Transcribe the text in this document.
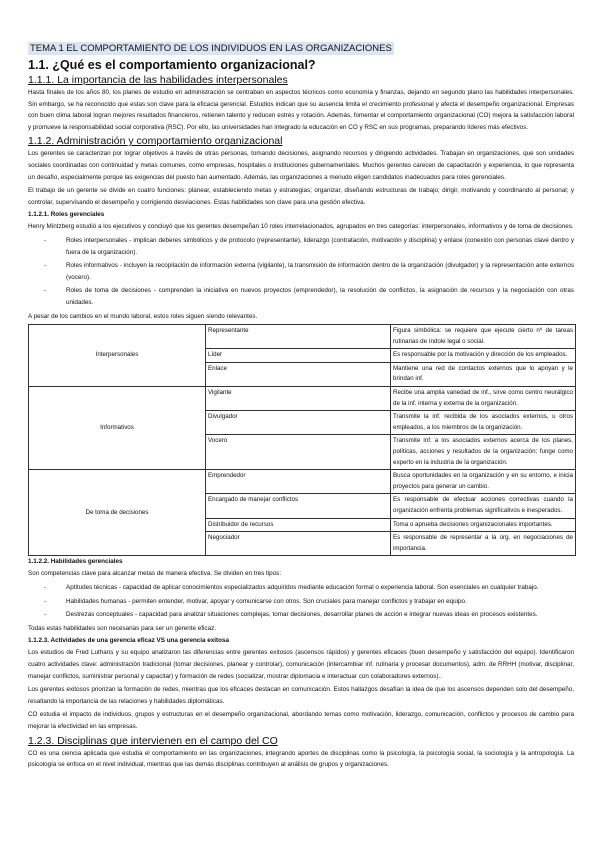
TEMA 1 EL COMPORTAMIENTO DE LOS INDIVIDUOS EN LAS ORGANIZACIONES
1.1. ¿Qué es el comportamiento organizacional?
1.1.1. La importancia de las habilidades interpersonales

Hasta finales de los años 80, los planes de estudio en administración se centraban en aspectos técnicos como economía y finanzas, dejando en segundo plano las habilidades interpersonales. Sin embargo, se ha reconocido que estas son clave para la eficacia gerencial. Estudios indican que su ausencia limita el crecimiento profesional y afecta el desempeño organizacional. Empresas con buen clima laboral logran mejores resultados financieros, retienen talento y reducen estrés y rotación. Además, fomentar el comportamiento organizacional (CO) mejora la satisfacción laboral y promueve la responsabilidad social corporativa (RSC). Por ello, las universidades han integrado la educación en CO y RSC en sus programas, preparando líderes más efectivos.

1.1.2. Administración y comportamiento organizacional

Los gerentes se caracterizan por lograr objetivos a través de otras personas, tomando decisiones, asignando recursos y dirigiendo actividades. Trabajan en organizaciones, que son unidades sociales coordinadas con continuidad y metas comunes, como empresas, hospitales o instituciones gubernamentales. Muchos gerentes carecen de capacitación y experiencia, lo que representa un desafío, especialmente porque las exigencias del puesto han aumentado. Además, las organizaciones a menudo eligen candidatos inadecuados para roles gerenciales.

El trabajo de un gerente se divide en cuatro funciones: planear, estableciendo metas y estrategias; organizar, diseñando estructuras de trabajo; dirigir, motivando y coordinando al personal; y controlar, supervisando el desempeño y corrigiendo desviaciones. Estas habilidades son clave para una gestión efectiva.

1.1.2.1. Roles gerenciales

Henry Mintzberg estudió a los ejecutivos y concluyó que los gerentes desempeñan 10 roles interrelacionados, agrupados en tres categorías: interpersonales, informativos y de toma de decisiones.

- Roles interpersonales - implican deberes simbólicos y de protocolo (representante), liderazgo (contratación, motivación y disciplina) y enlace (conexión con personas clave dentro y fuera de la organización).
- Roles informativos - incluyen la recopilación de información externa (vigilante), la transmisión de información dentro de la organización (divulgador) y la representación ante externos (vocero).
- Roles de toma de decisiones - comprenden la iniciativa en nuevos proyectos (emprendedor), la resolución de conflictos, la asignación de recursos y la negociación con otras unidades.

A pesar de los cambios en el mundo laboral, estos roles siguen siendo relevantes.

Interpersonales	Representante	Figura simbólica: se requiere que ejecute cierto nº de tareas rutinarias de índole legal o social.
	Líder	Es responsable por la motivación y dirección de los empleados.
	Enlace	Mantiene una red de contactos externos que lo apoyan y le brindan inf.
Informativos	Vigilante	Recibe una amplia variedad de inf., sirve como centro neurálgico de la inf. interna y externa de la organización.
	Divulgador	Transmite la inf. recibida de los asociados externos, u otros empleados, a los miembros de la organización.
	Vocero	Transmite inf. a los asociados externos acerca de los planes, políticas, acciones y resultados de la organización; funge como experto en la industria de la organización.
De toma de decisiones	Emprendedor	Busca oportunidades en la organización y en su entorno, e inicia proyectos para generar un cambio.
	Encargado de manejar conflictos	Es responsable de efectuar acciones correctivas cuando la organización enfrenta problemas significativos e inesperados.
	Distribuidor de recursos	Toma o aprueba decisiones organizacionales importantes.
	Negociador	Es responsable de representar a la org. en negociaciones de importancia.
1.1.2.2. Habilidades gerenciales

Son competencias clave para alcanzar metas de manera efectiva. Se dividen en tres tipos:

- Aptitudes técnicas - capacidad de aplicar conocimientos especializados adquiridos mediante educación formal o experiencia laboral. Son esenciales en cualquier trabajo.
- Habilidades humanas - permiten entender, motivar, apoyar y comunicarse con otros. Son cruciales para manejar conflictos y trabajar en equipo.
- Destrezas conceptuales - capacidad para analizar situaciones complejas, tomar decisiones, desarrollar planes de acción e integrar nuevas ideas en procesos existentes.

Todas estas habilidades son necesarias para ser un gerente eficaz.

1.1.2.3. Actividades de una gerencia eficaz VS una gerencia exitosa

Los estudios de Fred Luthans y su equipo analizaron las diferencias entre gerentes exitosos (ascensos rápidos) y gerentes eficaces (buen desempeño y satisfacción del equipo). Identificaron cuatro actividades clave: administración tradicional (tomar decisiones, planear y controlar), comunicación (intercambiar inf. rutinaria y procesar documentos), adm. de RRHH (motivar, disciplinar, manejar conflictos, suministrar personal y capacitar) y formación de redes (socializar, mostrar diplomacia e interactuar con colaboradores externos)..

Los gerentes exitosos priorizan la formación de redes, mientras que los eficaces destacan en comunicación. Estos hallazgos desafían la idea de que los ascensos dependen solo del desempeño, resaltando la importancia de las relaciones y habilidades diplomáticas.

CO estudia el impacto de individuos, grupos y estructuras en el desempeño organizacional, abordando temas como motivación, liderazgo, comunicación, conflictos y procesos de cambio para mejorar la efectividad en las empresas.

1.2.3. Disciplinas que intervienen en el campo del CO

CO es una ciencia aplicada que estudia el comportamiento en las organizaciones, integrando aportes de disciplinas como la psicología, la psicología social, la sociología y la antropología. La psicología se enfoca en el nivel individual, mientras que las demás disciplinas contribuyen al análisis de grupos y organizaciones.
